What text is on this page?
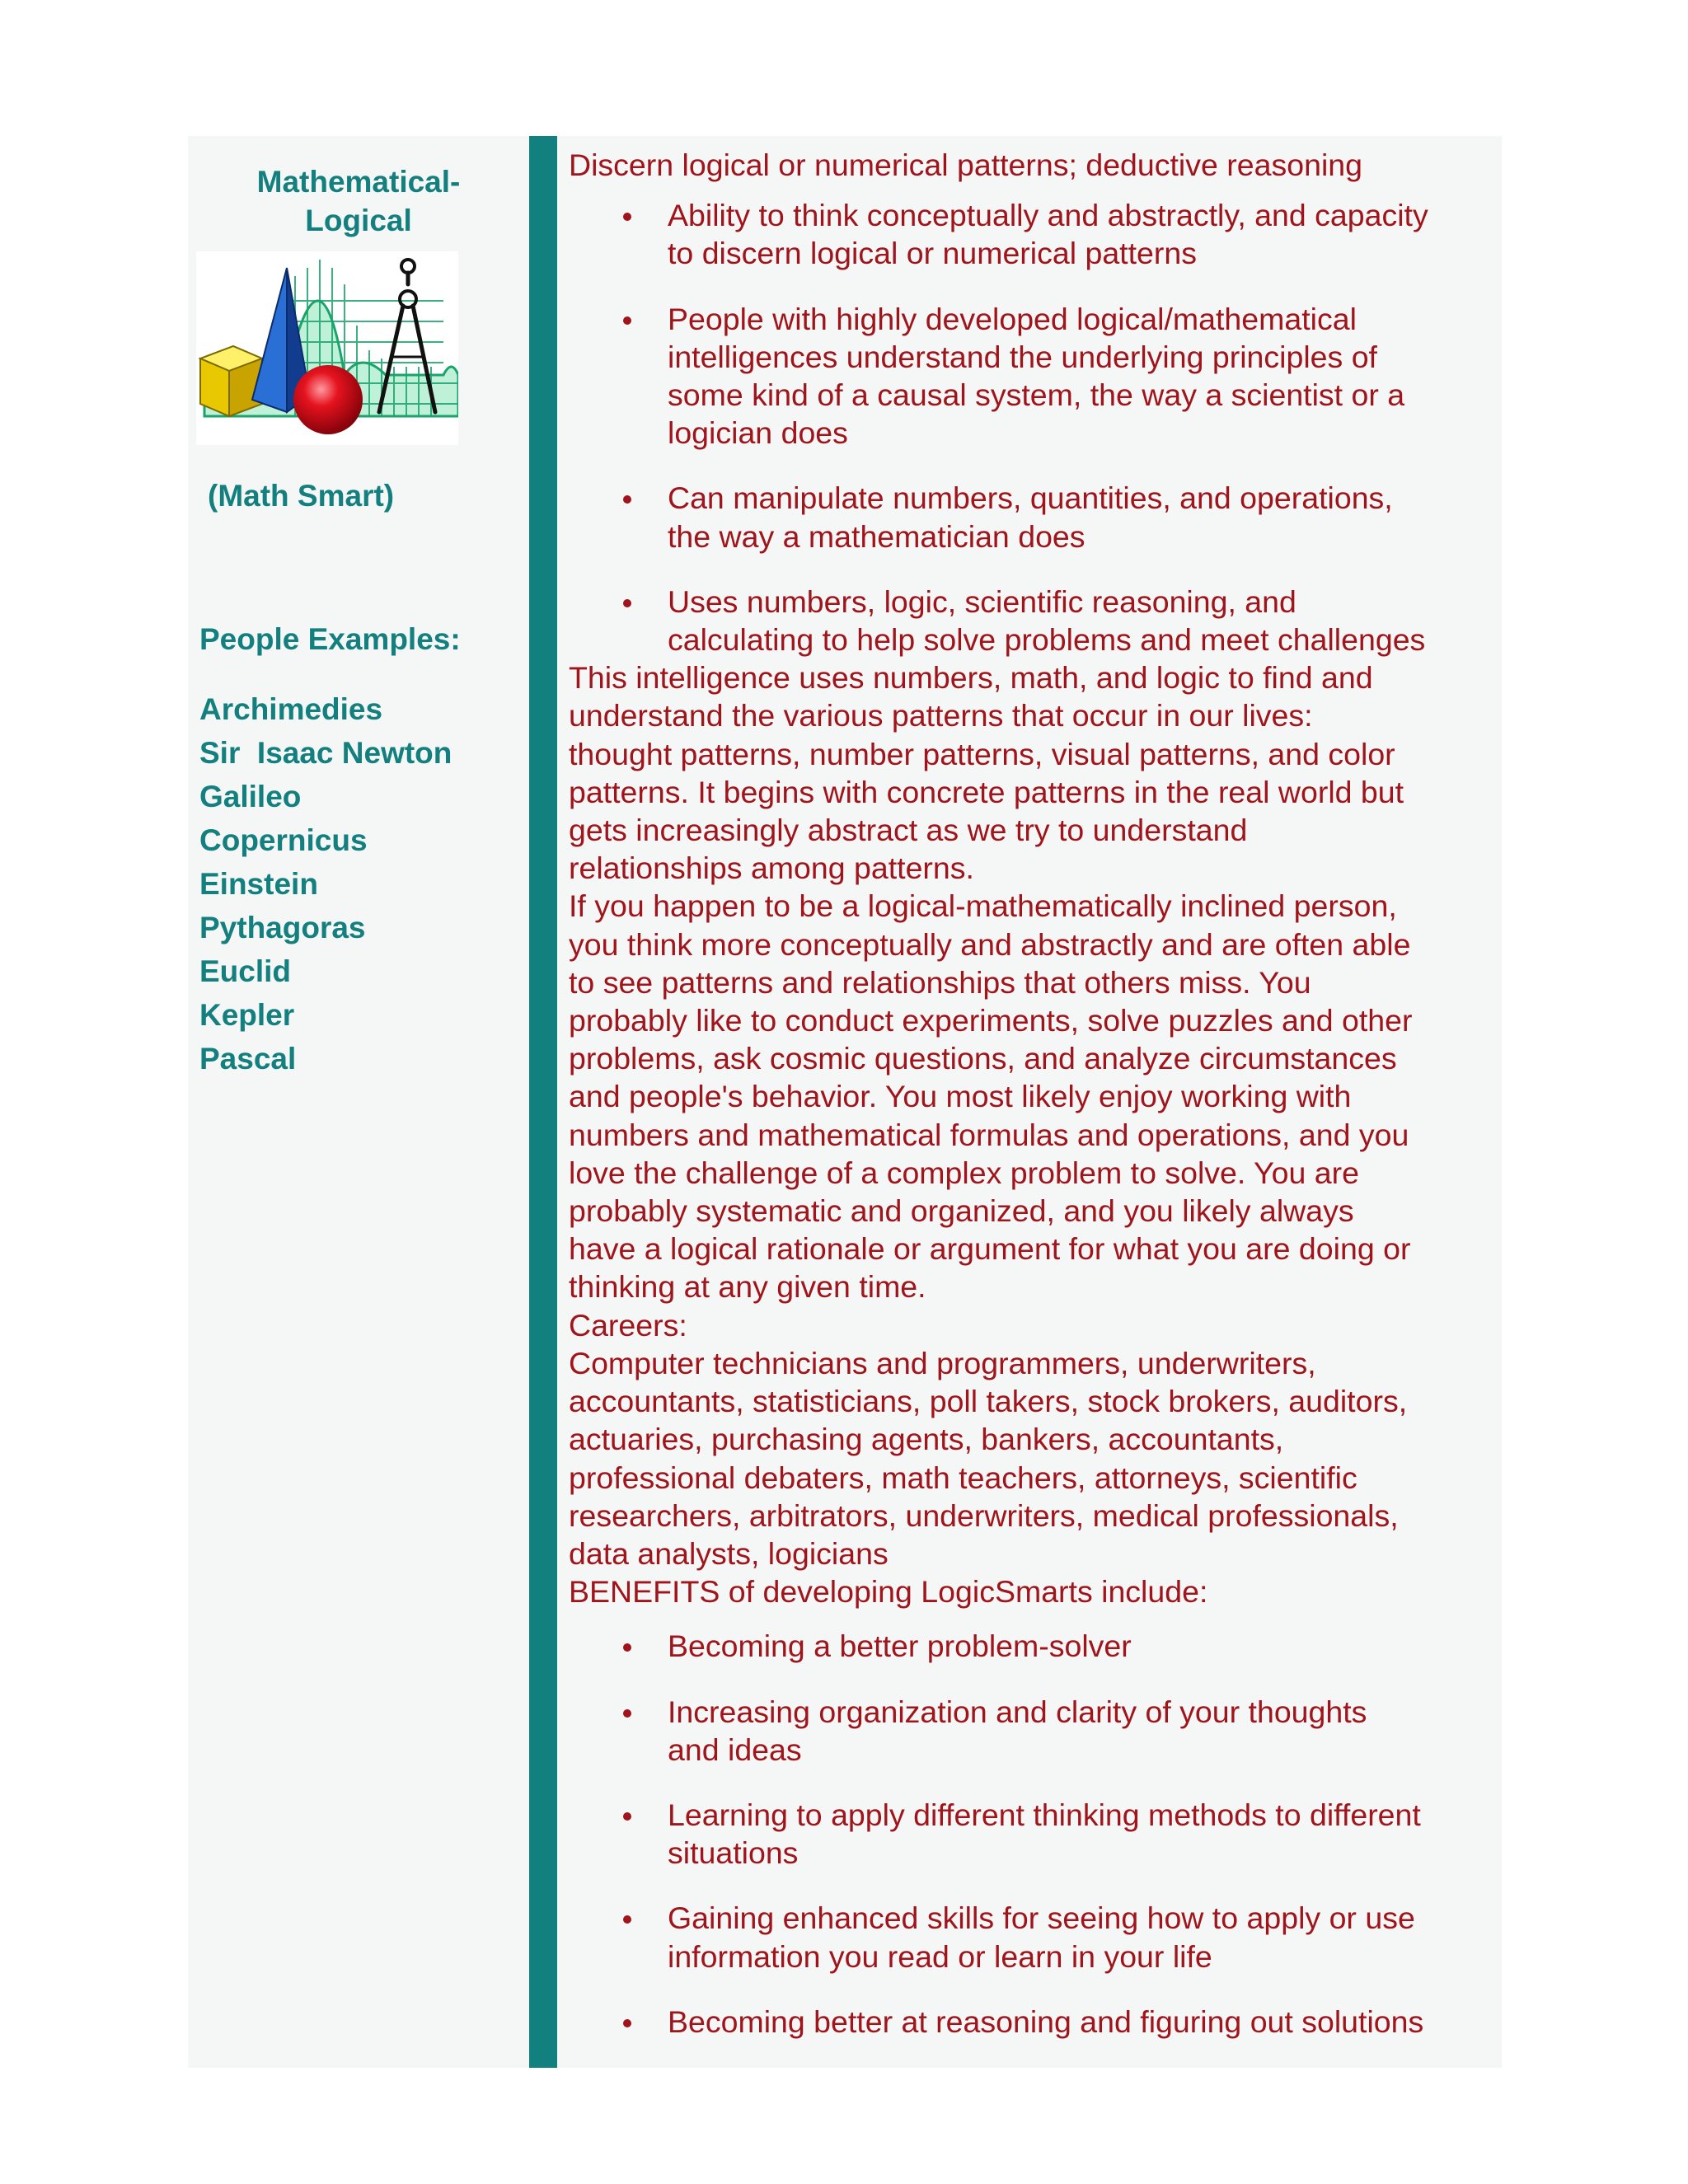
Mathematical-
Logical
(Math Smart)
People Examples:
Archimedies
Sir  Isaac Newton
Galileo
Copernicus
Einstein
Pythagoras
Euclid
Kepler
Pascal

Discern logical or numerical patterns; deductive reasoning

Ability to think conceptually and abstractly, and capacity
to discern logical or numerical patterns
People with highly developed logical/mathematical
intelligences understand the underlying principles of
some kind of a causal system, the way a scientist or a
logician does
Can manipulate numbers, quantities, and operations,
the way a mathematician does
Uses numbers, logic, scientific reasoning, and
calculating to help solve problems and meet challenges

This intelligence uses numbers, math, and logic to find and
understand the various patterns that occur in our lives:
thought patterns, number patterns, visual patterns, and color
patterns. It begins with concrete patterns in the real world but
gets increasingly abstract as we try to understand
relationships among patterns.

If you happen to be a logical-mathematically inclined person,
you think more conceptually and abstractly and are often able
to see patterns and relationships that others miss. You
probably like to conduct experiments, solve puzzles and other
problems, ask cosmic questions, and analyze circumstances
and people's behavior. You most likely enjoy working with
numbers and mathematical formulas and operations, and you
love the challenge of a complex problem to solve. You are
probably systematic and organized, and you likely always
have a logical rationale or argument for what you are doing or
thinking at any given time.

Careers:

Computer technicians and programmers, underwriters,
accountants, statisticians, poll takers, stock brokers, auditors,
actuaries, purchasing agents, bankers, accountants,
professional debaters, math teachers, attorneys, scientific
researchers, arbitrators, underwriters, medical professionals,
data analysts, logicians

BENEFITS of developing LogicSmarts include:

Becoming a better problem-solver
Increasing organization and clarity of your thoughts
and ideas
Learning to apply different thinking methods to different
situations
Gaining enhanced skills for seeing how to apply or use
information you read or learn in your life
Becoming better at reasoning and figuring out solutions
